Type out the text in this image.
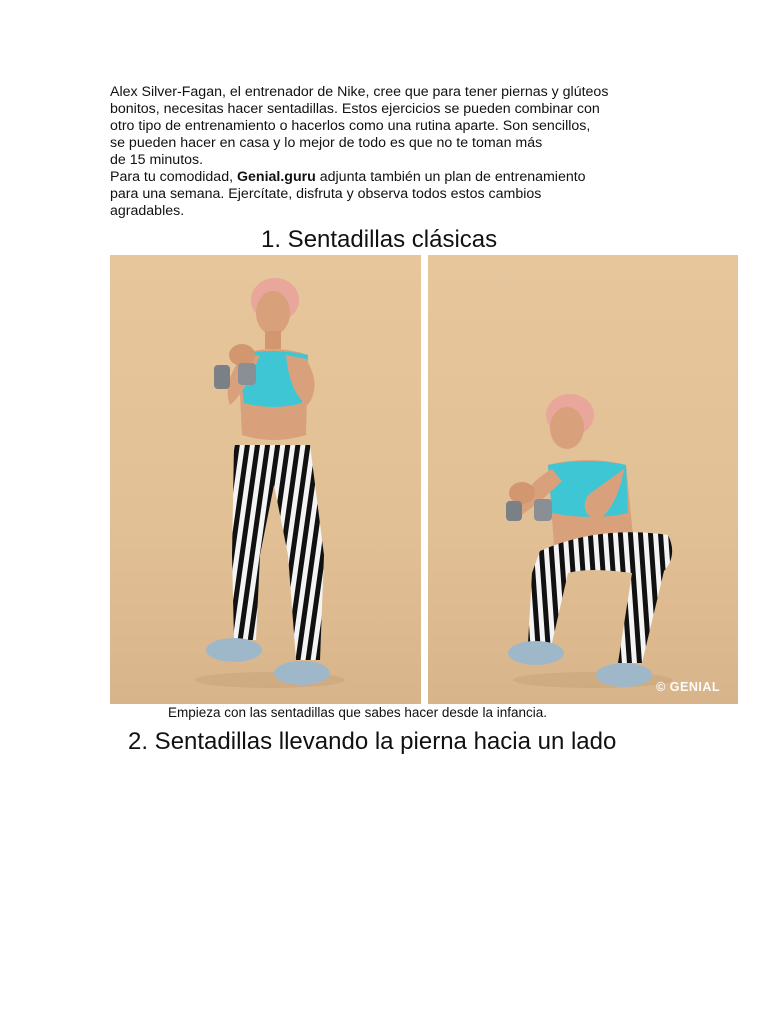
Alex Silver-Fagan, el entrenador de Nike, cree que para tener piernas y glúteos
bonitos, necesitas hacer sentadillas. Estos ejercicios se pueden combinar con
otro tipo de entrenamiento o hacerlos como una rutina aparte. Son sencillos,
se pueden hacer en casa y lo mejor de todo es que no te toman más
de 15 minutos.

Para tu comodidad, Genial.guru adjunta también un plan de entrenamiento
para una semana. Ejercítate, disfruta y observa todos estos cambios
agradables.

1. Sentadillas clásicas
© GENIAL

Empieza con las sentadillas que sabes hacer desde la infancia.

2. Sentadillas llevando la pierna hacia un lado
